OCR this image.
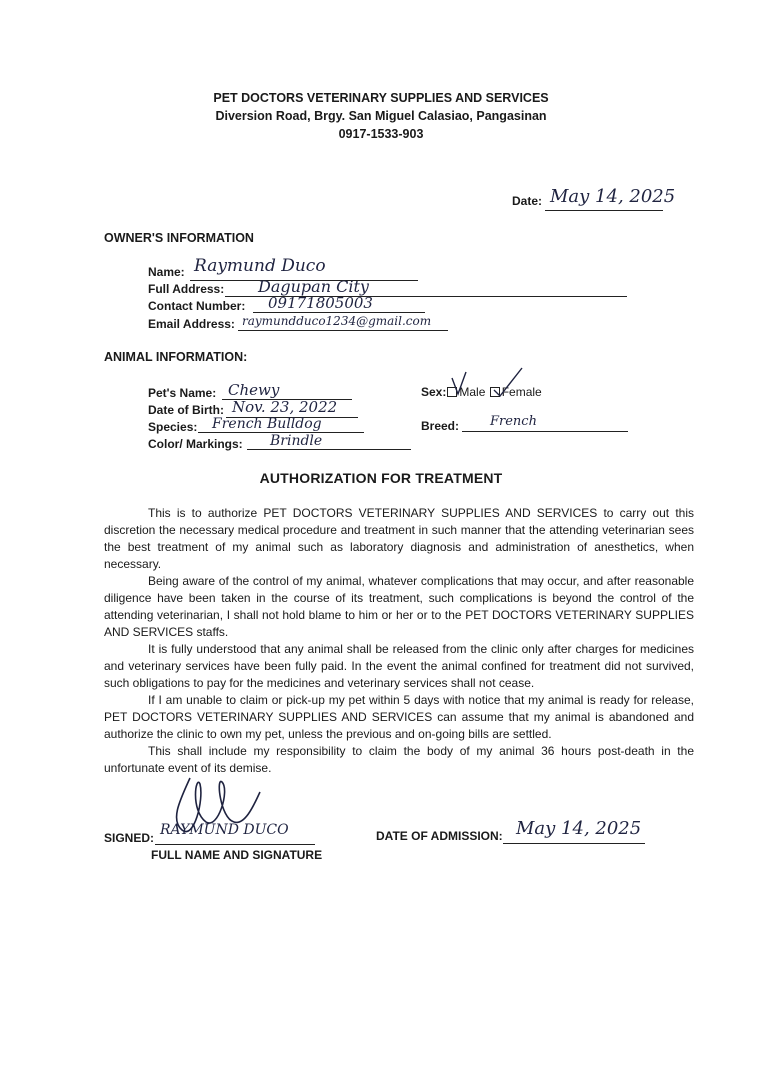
PET DOCTORS VETERINARY SUPPLIES AND SERVICES
Diversion Road, Brgy. San Miguel Calasiao, Pangasinan
0917-1533-903
Date: May 14, 2025
OWNER'S INFORMATION
Name: Raymund Duco
Full Address: Dagupan City
Contact Number: 09171805003
Email Address: raymundduco1234@gmail.com
ANIMAL INFORMATION:
Pet's Name: Chewy
Date of Birth: Nov. 23, 2022
Species: French Bulldog
Color/ Markings: Brindle
Sex: Male Female
Breed: French
AUTHORIZATION FOR TREATMENT

This is to authorize PET DOCTORS VETERINARY SUPPLIES AND SERVICES to carry out this discretion the necessary medical procedure and treatment in such manner that the attending veterinarian sees the best treatment of my animal such as laboratory diagnosis and administration of anesthetics, when necessary.

Being aware of the control of my animal, whatever complications that may occur, and after reasonable diligence have been taken in the course of its treatment, such complications is beyond the control of the attending veterinarian, I shall not hold blame to him or her or to the PET DOCTORS VETERINARY SUPPLIES AND SERVICES staffs.

It is fully understood that any animal shall be released from the clinic only after charges for medicines and veterinary services have been fully paid. In the event the animal confined for treatment did not survived, such obligations to pay for the medicines and veterinary services shall not cease.

If I am unable to claim or pick-up my pet within 5 days with notice that my animal is ready for release, PET DOCTORS VETERINARY SUPPLIES AND SERVICES can assume that my animal is abandoned and authorize the clinic to own my pet, unless the previous and on-going bills are settled.

This shall include my responsibility to claim the body of my animal 36 hours post-death in the unfortunate event of its demise.

SIGNED: RAYMUND DUCO
FULL NAME AND SIGNATURE
DATE OF ADMISSION: May 14, 2025
